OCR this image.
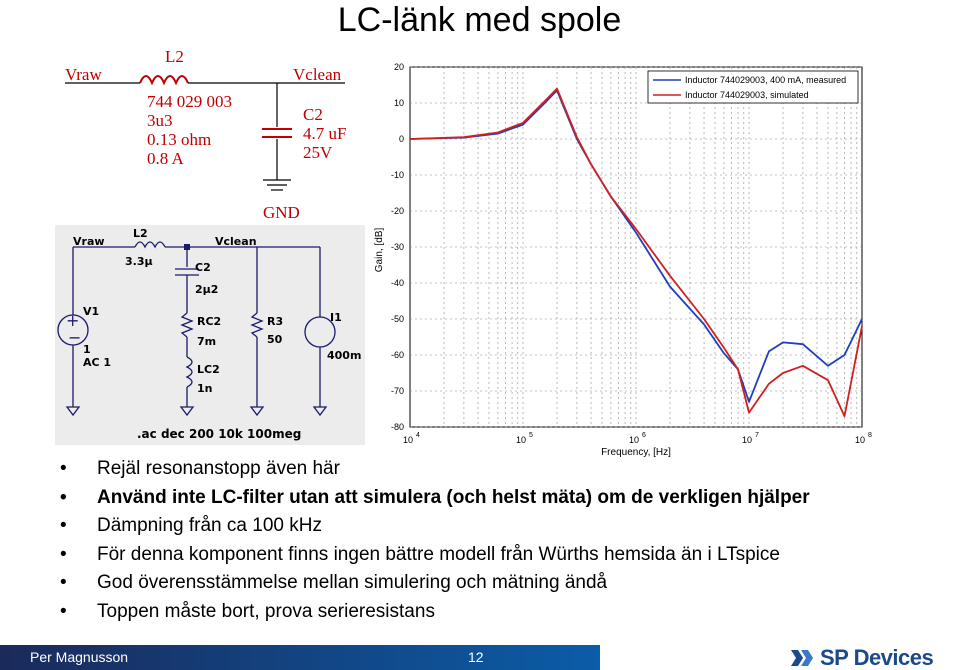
LC-länk med spole
Vraw
L2
744 029 003
3u3
0.13 ohm
0.8 A
Vclean
C2
4.7 uF
25V
GND
+
−
Vraw
L2
3.3µ
Vclean
C2
2µ2
V1
1
AC 1
RC2
7m
LC2
1n
R3
50
I1
400m
.ac dec 200 10k 100meg
20
10
0
-10
-20
-30
-40
-50
-60
-70
-80
10 4	10 5	10 6	10 7	10 8
Gain, [dB]
Frequency, [Hz]
Inductor 744029003, 400 mA, measured
Inductor 744029003, simulated
• Rejäl resonanstopp även här
• Använd inte LC-filter utan att simulera (och helst mäta) om de verkligen hjälper
• Dämpning från ca 100 kHz
• För denna komponent finns ingen bättre modell från Würths hemsida än i LTspice
• God överensstämmelse mellan simulering och mätning ändå
• Toppen måste bort, prova serieresistans
Per Magnusson	12	SP Devices
